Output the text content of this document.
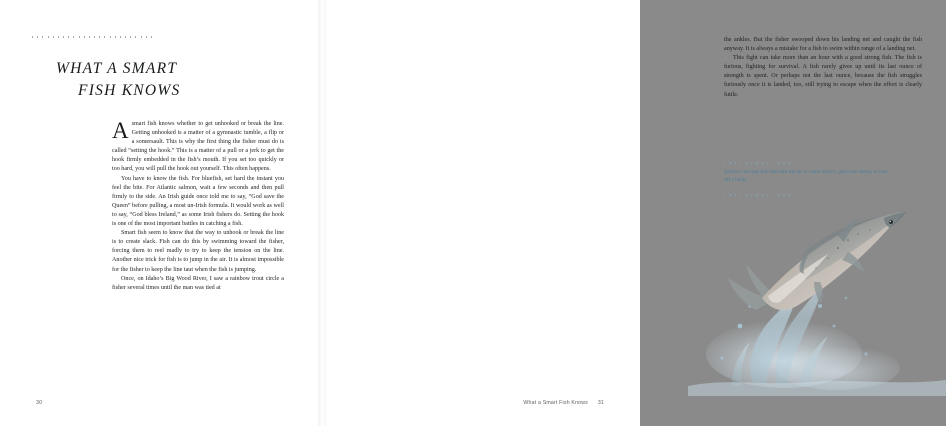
WHAT A SMART
FISH KNOWS

Asmart fish knows whether to get unhooked or break the line. Getting unhooked is a matter of a gymnastic tumble, a flip or a somersault. This is why the first thing the fisher must do is called “setting the hook.” This is a matter of a pull or a jerk to get the hook firmly embedded in the fish’s mouth. If you set too quickly or too hard, you will pull the hook out yourself. This often happens.

You have to know the fish. For bluefish, set hard the instant you feel the bite. For Atlantic salmon, wait a few seconds and then pull firmly to the side. An Irish guide once told me to say, “God save the Queen” before pulling, a most un-Irish formula. It would work as well to say, “God bless Ireland,” as some Irish fishers do. Setting the hook is one of the most important battles in catching a fish.

Smart fish seem to know that the way to unhook or break the line is to create slack. Fish can do this by swimming toward the fisher, forcing them to reel madly to try to keep the tension on the line. Another nice trick for fish is to jump in the air. It is almost impossible for the fisher to keep the line taut when the fish is jumping.

Once, on Idaho’s Big Wood River, I saw a rainbow trout circle a fisher several times until the man was tied at

30

the ankles. But the fisher swooped down his landing net and caught the fish anyway. It is always a mistake for a fish to swim within range of a landing net.

This fight can take more than an hour with a good strong fish. The fish is furious, fighting for survival. A fish rarely gives up until its last ounce of strength is spent. Or perhaps not the last ounce, because the fish struggles furiously once it is landed, too, still trying to escape when the effort is clearly futile.

Salmon can leap five feet into the air to catch insects, pass over dams, or toss off a hook.
31
What a Smart Fish Knows
